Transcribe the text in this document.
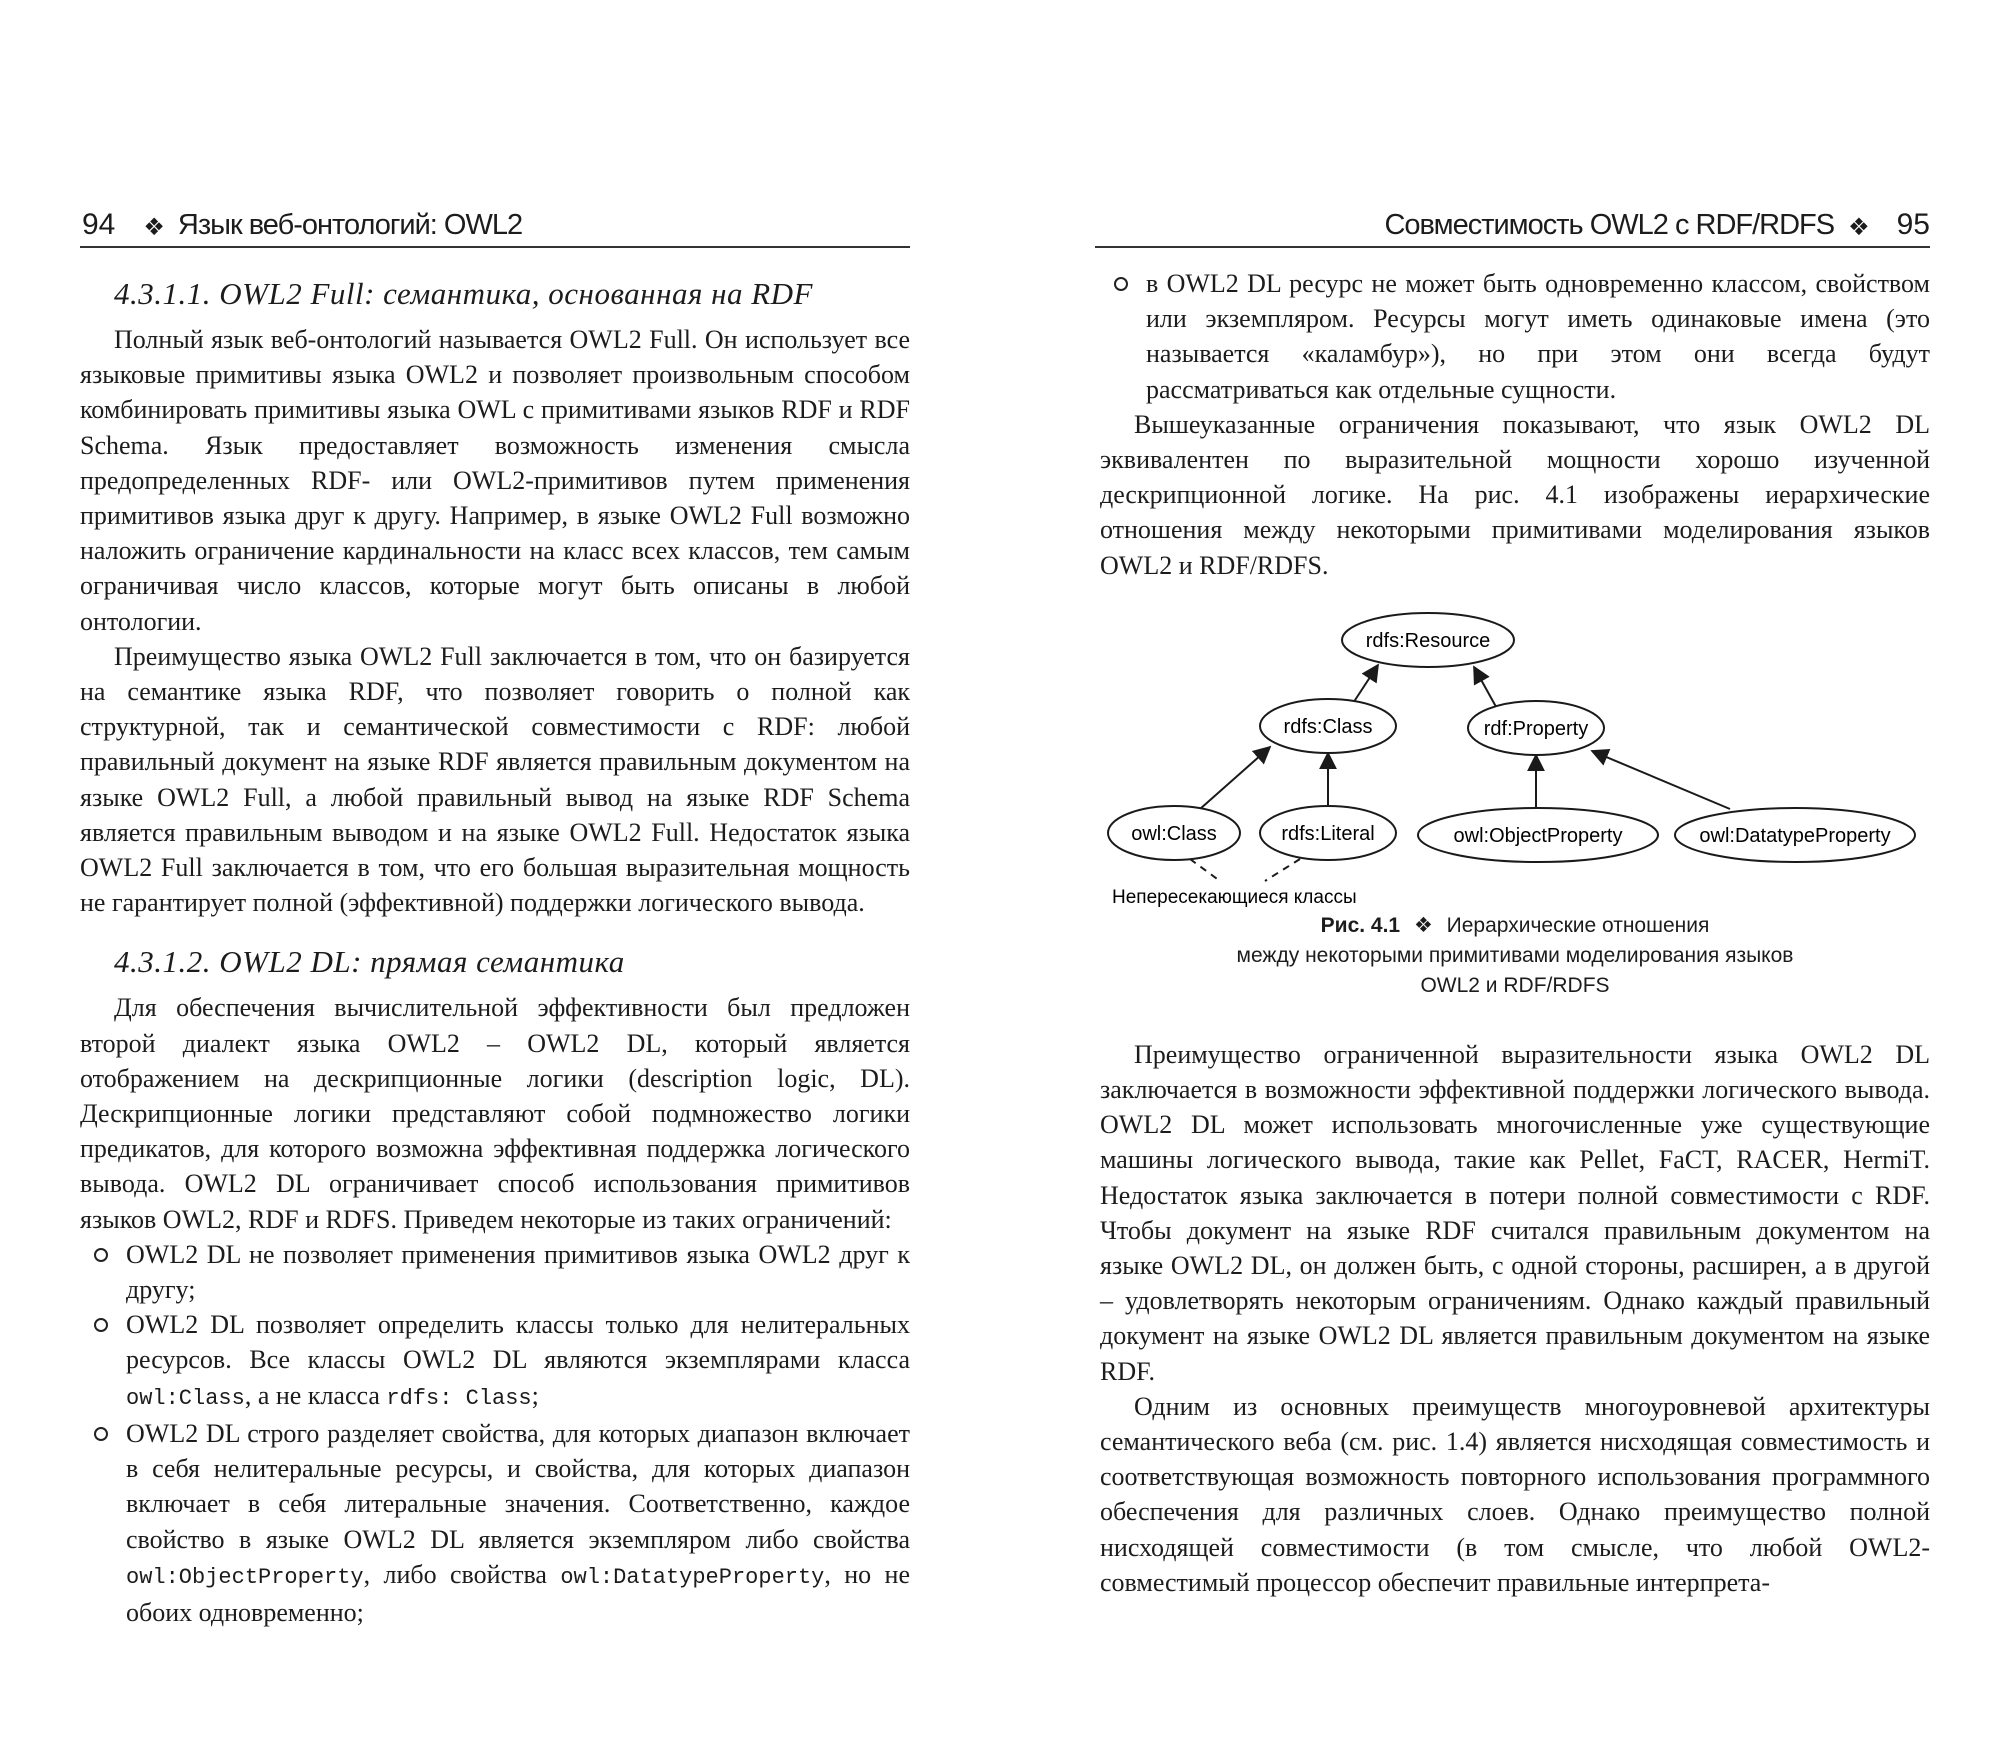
94 ❖ Язык веб-онтологий: OWL2
4.3.1.1. OWL2 Full: семантика, основанная на RDF

Полный язык веб-онтологий называется OWL2 Full. Он использует все языковые примитивы языка OWL2 и позволяет произвольным способом комбинировать примитивы языка OWL с примитивами языков RDF и RDF Schema. Язык предоставляет возможность изменения смысла предопределенных RDF- или OWL2-примитивов путем применения примитивов языка друг к другу. Например, в языке OWL2 Full возможно наложить ограничение кардинальности на класс всех классов, тем самым ограничивая число классов, которые могут быть описаны в любой онтологии.

Преимущество языка OWL2 Full заключается в том, что он базируется на семантике языка RDF, что позволяет говорить о полной как структурной, так и семантической совместимости с RDF: любой правильный документ на языке RDF является правильным документом на языке OWL2 Full, а любой правильный вывод на языке RDF Schema является правильным выводом и на языке OWL2 Full. Недостаток языка OWL2 Full заключается в том, что его большая выразительная мощность не гарантирует полной (эффективной) поддержки логического вывода.

4.3.1.2. OWL2 DL: прямая семантика

Для обеспечения вычислительной эффективности был предложен второй диалект языка OWL2 – OWL2 DL, который является отображением на дескрипционные логики (description logic, DL). Дескрипционные логики представляют собой подмножество логики предикатов, для которого возможна эффективная поддержка логического вывода. OWL2 DL ограничивает способ использования примитивов языков OWL2, RDF и RDFS. Приведем некоторые из таких ограничений:

OWL2 DL не позволяет применения примитивов языка OWL2 друг к другу;
OWL2 DL позволяет определить классы только для нелитеральных ресурсов. Все классы OWL2 DL являются экземплярами класса owl:Class, а не класса rdfs: Class;
OWL2 DL строго разделяет свойства, для которых диапазон включает в себя нелитеральные ресурсы, и свойства, для которых диапазон включает в себя литеральные значения. Соответственно, каждое свойство в языке OWL2 DL является экземпляром либо свойства owl:ObjectProperty, либо свойства owl:DatatypeProperty, но не обоих одновременно;
Совместимость OWL2 с RDF/RDFS ❖ 95
в OWL2 DL ресурс не может быть одновременно классом, свойством или экземпляром. Ресурсы могут иметь одинаковые имена (это называется «каламбур»), но при этом они всегда будут рассматриваться как отдельные сущности.

Вышеуказанные ограничения показывают, что язык OWL2 DL эквивалентен по выразительной мощности хорошо изученной дескрипционной логике. На рис. 4.1 изображены иерархические отношения между некоторыми примитивами моделирования языков OWL2 и RDF/RDFS.

rdfs:Resource
rdfs:Class	rdf:Property
owl:Class	rdfs:Literal	owl:ObjectProperty	owl:DatatypeProperty
Непересекающиеся классы
Рис. 4.1 ❖ Иерархические отношения
между некоторыми примитивами моделирования языков
OWL2 и RDF/RDFS

Преимущество ограниченной выразительности языка OWL2 DL заключается в возможности эффективной поддержки логического вывода. OWL2 DL может использовать многочисленные уже существующие машины логического вывода, такие как Pellet, FaCT, RACER, HermiT. Недостаток языка заключается в потери полной совместимости с RDF. Чтобы документ на языке RDF считался правильным документом на языке OWL2 DL, он должен быть, с одной стороны, расширен, а в другой – удовлетворять некоторым ограничениям. Однако каждый правильный документ на языке OWL2 DL является правильным документом на языке RDF.

Одним из основных преимуществ многоуровневой архитектуры семантического веба (см. рис. 1.4) является нисходящая совместимость и соответствующая возможность повторного использования программного обеспечения для различных слоев. Однако преимущество полной нисходящей совместимости (в том смысле, что любой OWL2-совместимый процессор обеспечит правильные интерпрета-
